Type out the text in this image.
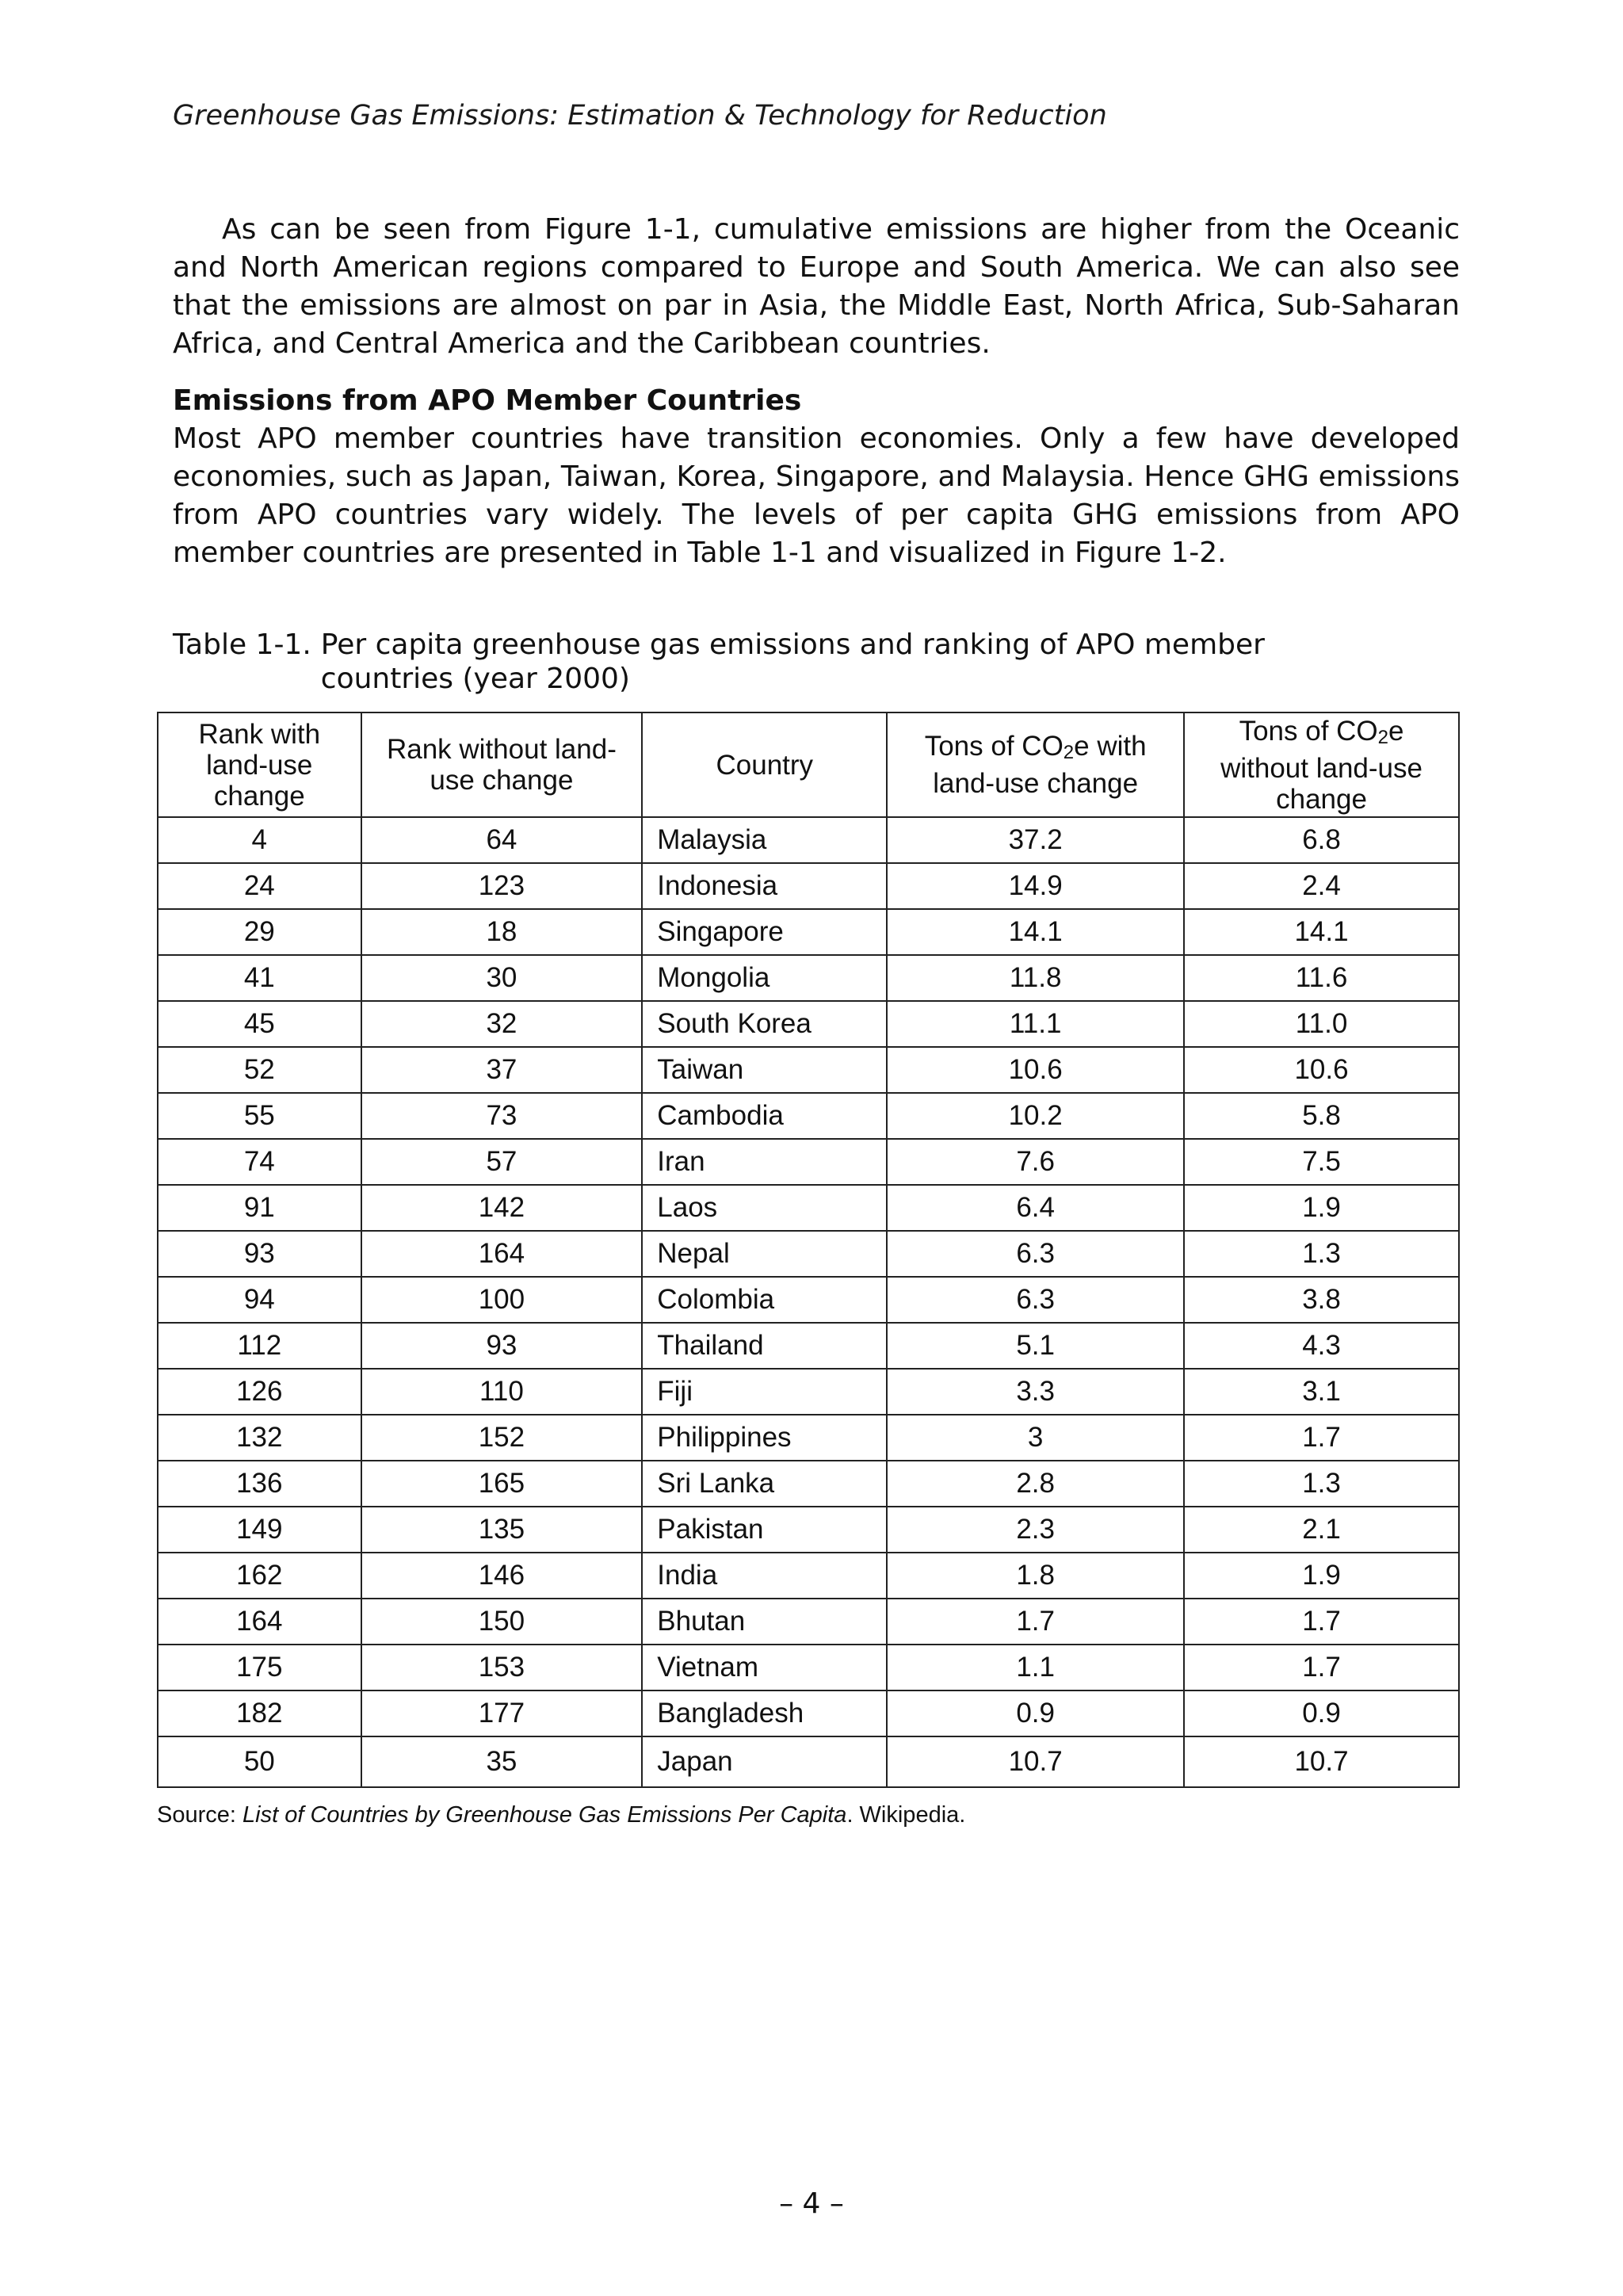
Greenhouse Gas Emissions: Estimation & Technology for Reduction

As can be seen from Figure 1-1, cumulative emissions are higher from the Oceanic and North American regions compared to Europe and South America. We can also see that the emissions are almost on par in Asia, the Middle East, North Africa, Sub-Saharan Africa, and Central America and the Caribbean countries.

Emissions from APO Member Countries

Most APO member countries have transition economies. Only a few have developed economies, such as Japan, Taiwan, Korea, Singapore, and Malaysia. Hence GHG emissions from APO countries vary widely. The levels of per capita GHG emissions from APO member countries are presented in Table 1-1 and visualized in Figure 1-2.

Table 1-1. Per capita greenhouse gas emissions and ranking of APO member countries (year 2000)
Rank with land-use change	Rank without land-use change	Country	Tons of $CO_2e$ with land-use change	Tons of $CO_2e$ without land-use change
4	64	Malaysia	37.2	6.8
24	123	Indonesia	14.9	2.4
29	18	Singapore	14.1	14.1
41	30	Mongolia	11.8	11.6
45	32	South Korea	11.1	11.0
52	37	Taiwan	10.6	10.6
55	73	Cambodia	10.2	5.8
74	57	Iran	7.6	7.5
91	142	Laos	6.4	1.9
93	164	Nepal	6.3	1.3
94	100	Colombia	6.3	3.8
112	93	Thailand	5.1	4.3
126	110	Fiji	3.3	3.1
132	152	Philippines	3	1.7
136	165	Sri Lanka	2.8	1.3
149	135	Pakistan	2.3	2.1
162	146	India	1.8	1.9
164	150	Bhutan	1.7	1.7
175	153	Vietnam	1.1	1.7
182	177	Bangladesh	0.9	0.9
50	35	Japan	10.7	10.7

Source: List of Countries by Greenhouse Gas Emissions Per Capita. Wikipedia.

– 4 –
